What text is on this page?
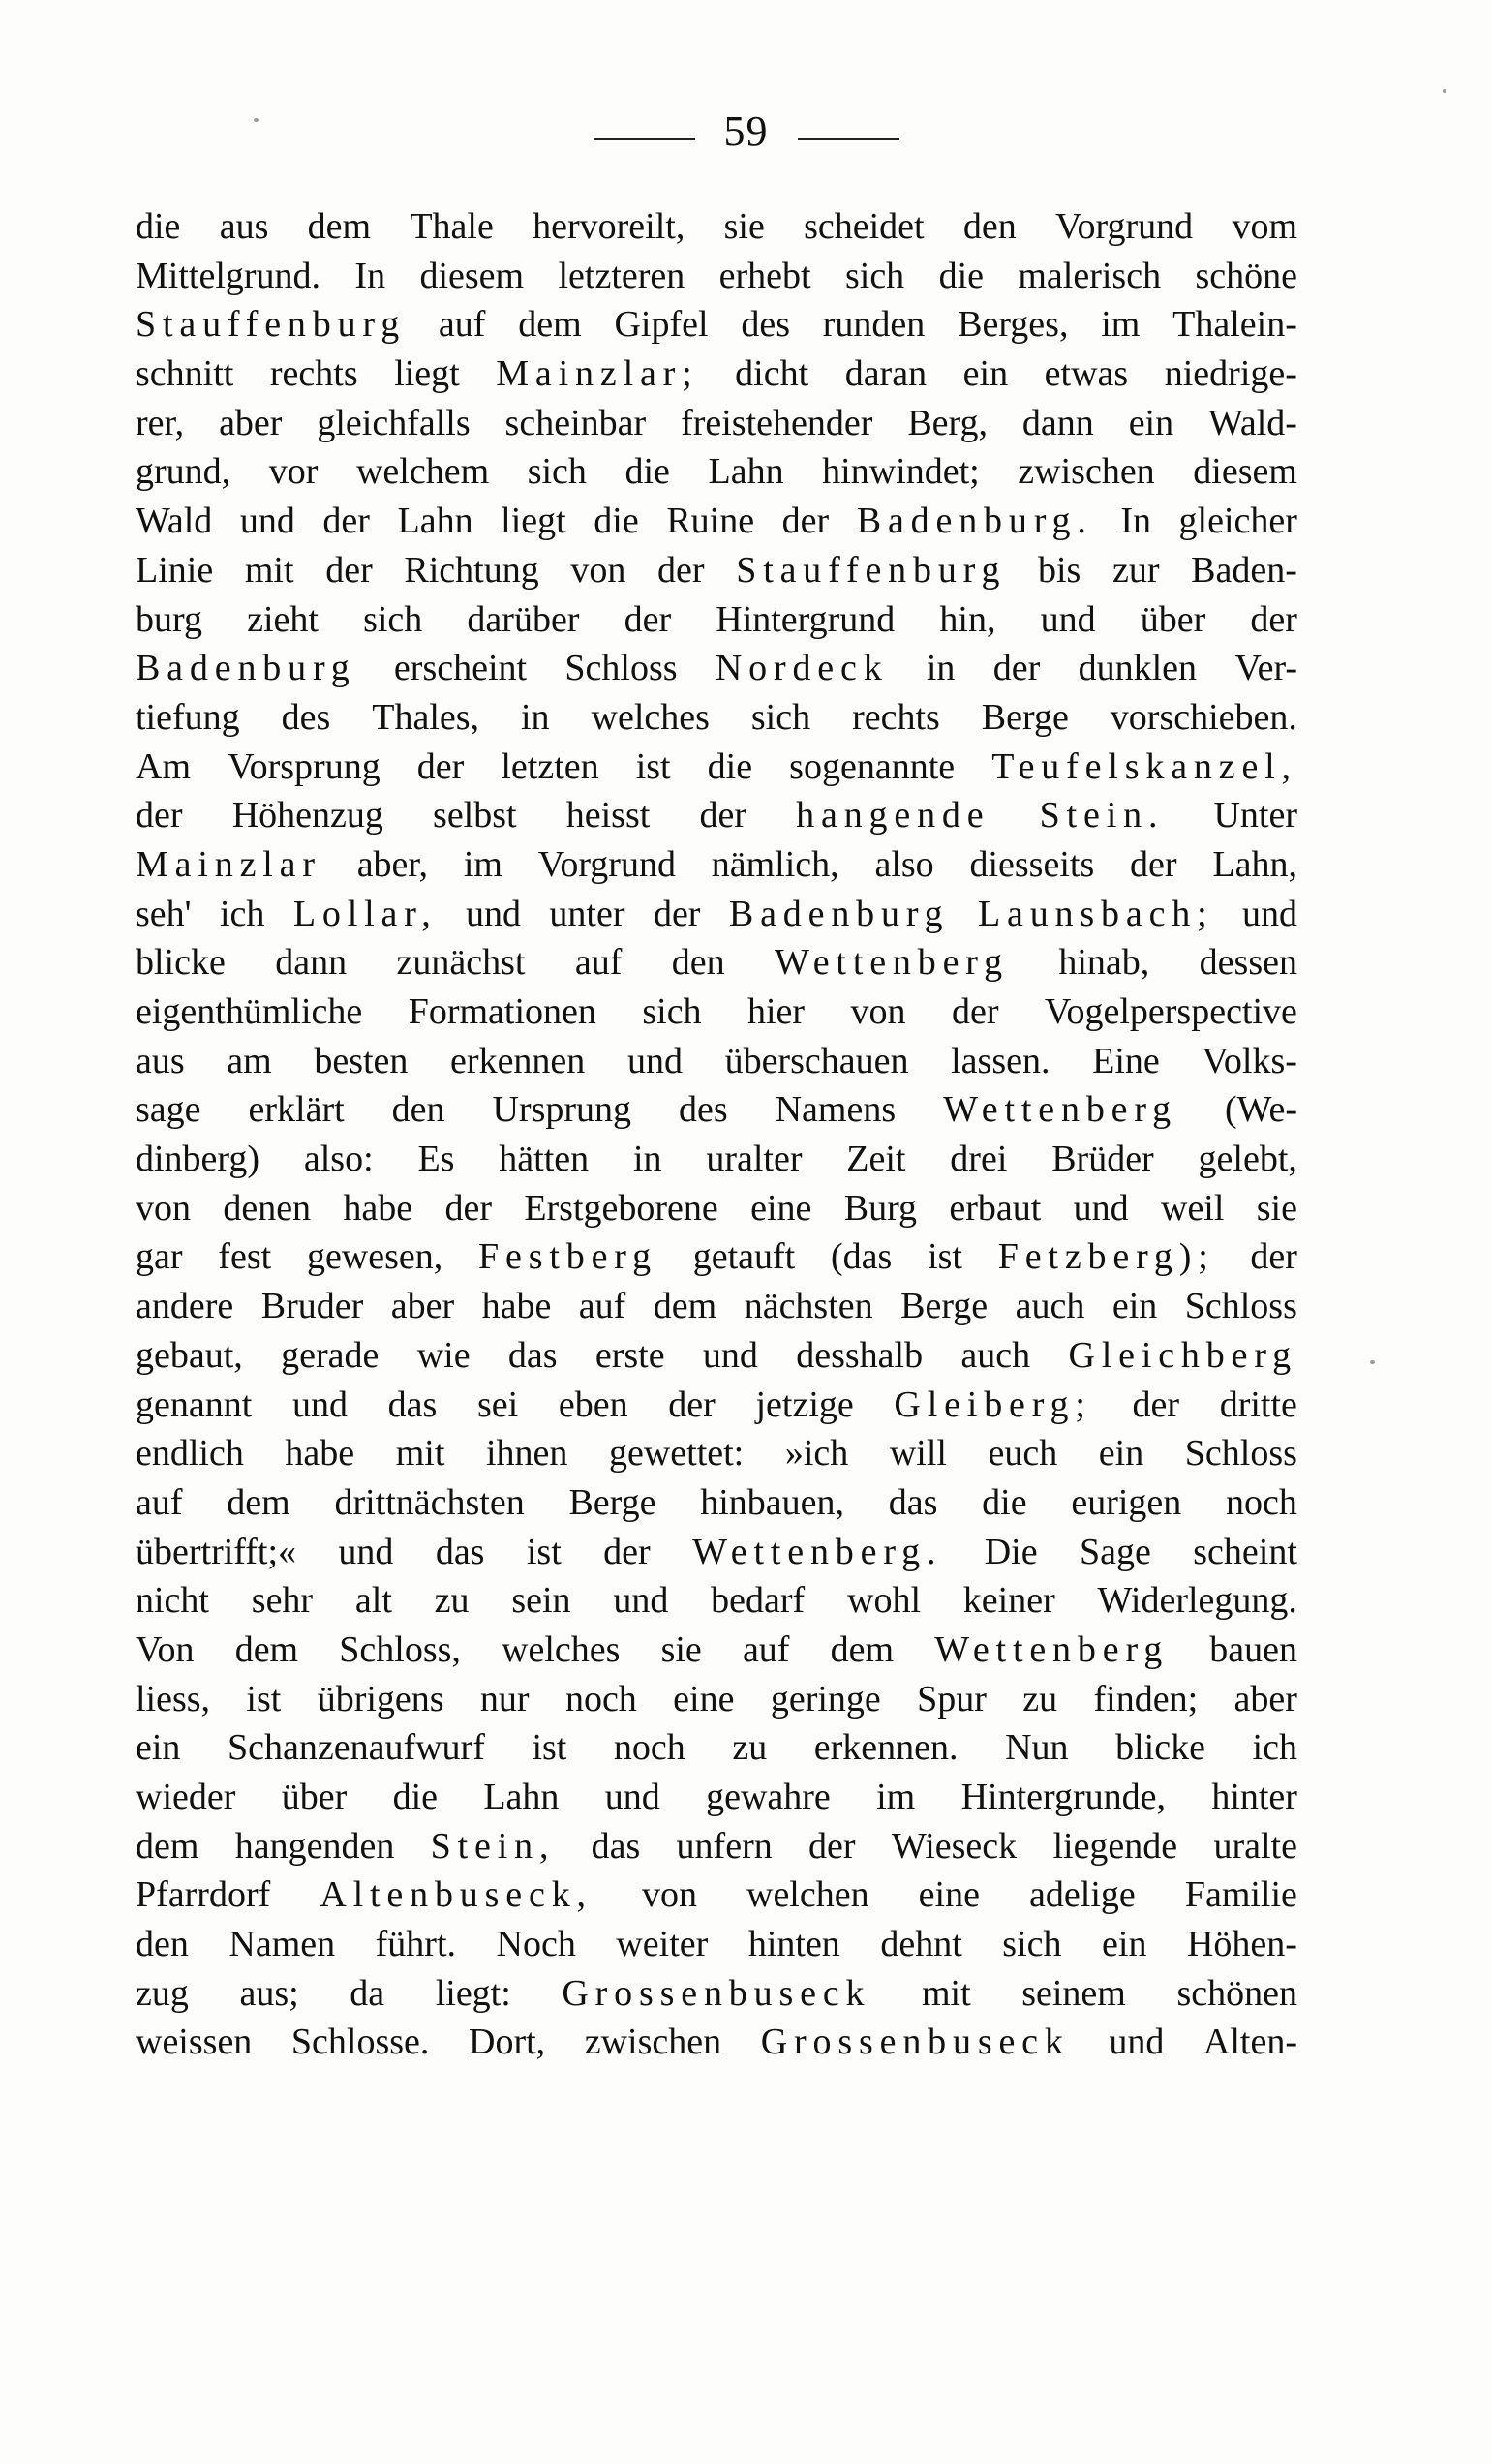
59
die aus dem Thale hervoreilt, sie scheidet den Vorgrund vom
Mittelgrund. In diesem letzteren erhebt sich die malerisch schöne
Stauffenburg auf dem Gipfel des runden Berges, im Thalein-
schnitt rechts liegt Mainzlar; dicht daran ein etwas niedrige-
rer, aber gleichfalls scheinbar freistehender Berg, dann ein Wald-
grund, vor welchem sich die Lahn hinwindet; zwischen diesem
Wald und der Lahn liegt die Ruine der Badenburg. In gleicher
Linie mit der Richtung von der Stauffenburg bis zur Baden-
burg zieht sich darüber der Hintergrund hin, und über der
Badenburg erscheint Schloss Nordeck in der dunklen Ver-
tiefung des Thales, in welches sich rechts Berge vorschieben.
Am Vorsprung der letzten ist die sogenannte Teufelskanzel,
der Höhenzug selbst heisst der hangende Stein. Unter
Mainzlar aber, im Vorgrund nämlich, also diesseits der Lahn,
seh' ich Lollar, und unter der Badenburg Launsbach; und
blicke dann zunächst auf den Wettenberg hinab, dessen
eigenthümliche Formationen sich hier von der Vogelperspective
aus am besten erkennen und überschauen lassen. Eine Volks-
sage erklärt den Ursprung des Namens Wettenberg (We-
dinberg) also: Es hätten in uralter Zeit drei Brüder gelebt,
von denen habe der Erstgeborene eine Burg erbaut und weil sie
gar fest gewesen, Festberg getauft (das ist Fetzberg); der
andere Bruder aber habe auf dem nächsten Berge auch ein Schloss
gebaut, gerade wie das erste und desshalb auch Gleichberg
genannt und das sei eben der jetzige Gleiberg; der dritte
endlich habe mit ihnen gewettet: »ich will euch ein Schloss
auf dem drittnächsten Berge hinbauen, das die eurigen noch
übertrifft;« und das ist der Wettenberg. Die Sage scheint
nicht sehr alt zu sein und bedarf wohl keiner Widerlegung.
Von dem Schloss, welches sie auf dem Wettenberg bauen
liess, ist übrigens nur noch eine geringe Spur zu finden; aber
ein Schanzenaufwurf ist noch zu erkennen. Nun blicke ich
wieder über die Lahn und gewahre im Hintergrunde, hinter
dem hangenden Stein, das unfern der Wieseck liegende uralte
Pfarrdorf Altenbuseck, von welchen eine adelige Familie
den Namen führt. Noch weiter hinten dehnt sich ein Höhen-
zug aus; da liegt: Grossenbuseck mit seinem schönen
weissen Schlosse. Dort, zwischen Grossenbuseck und Alten-
